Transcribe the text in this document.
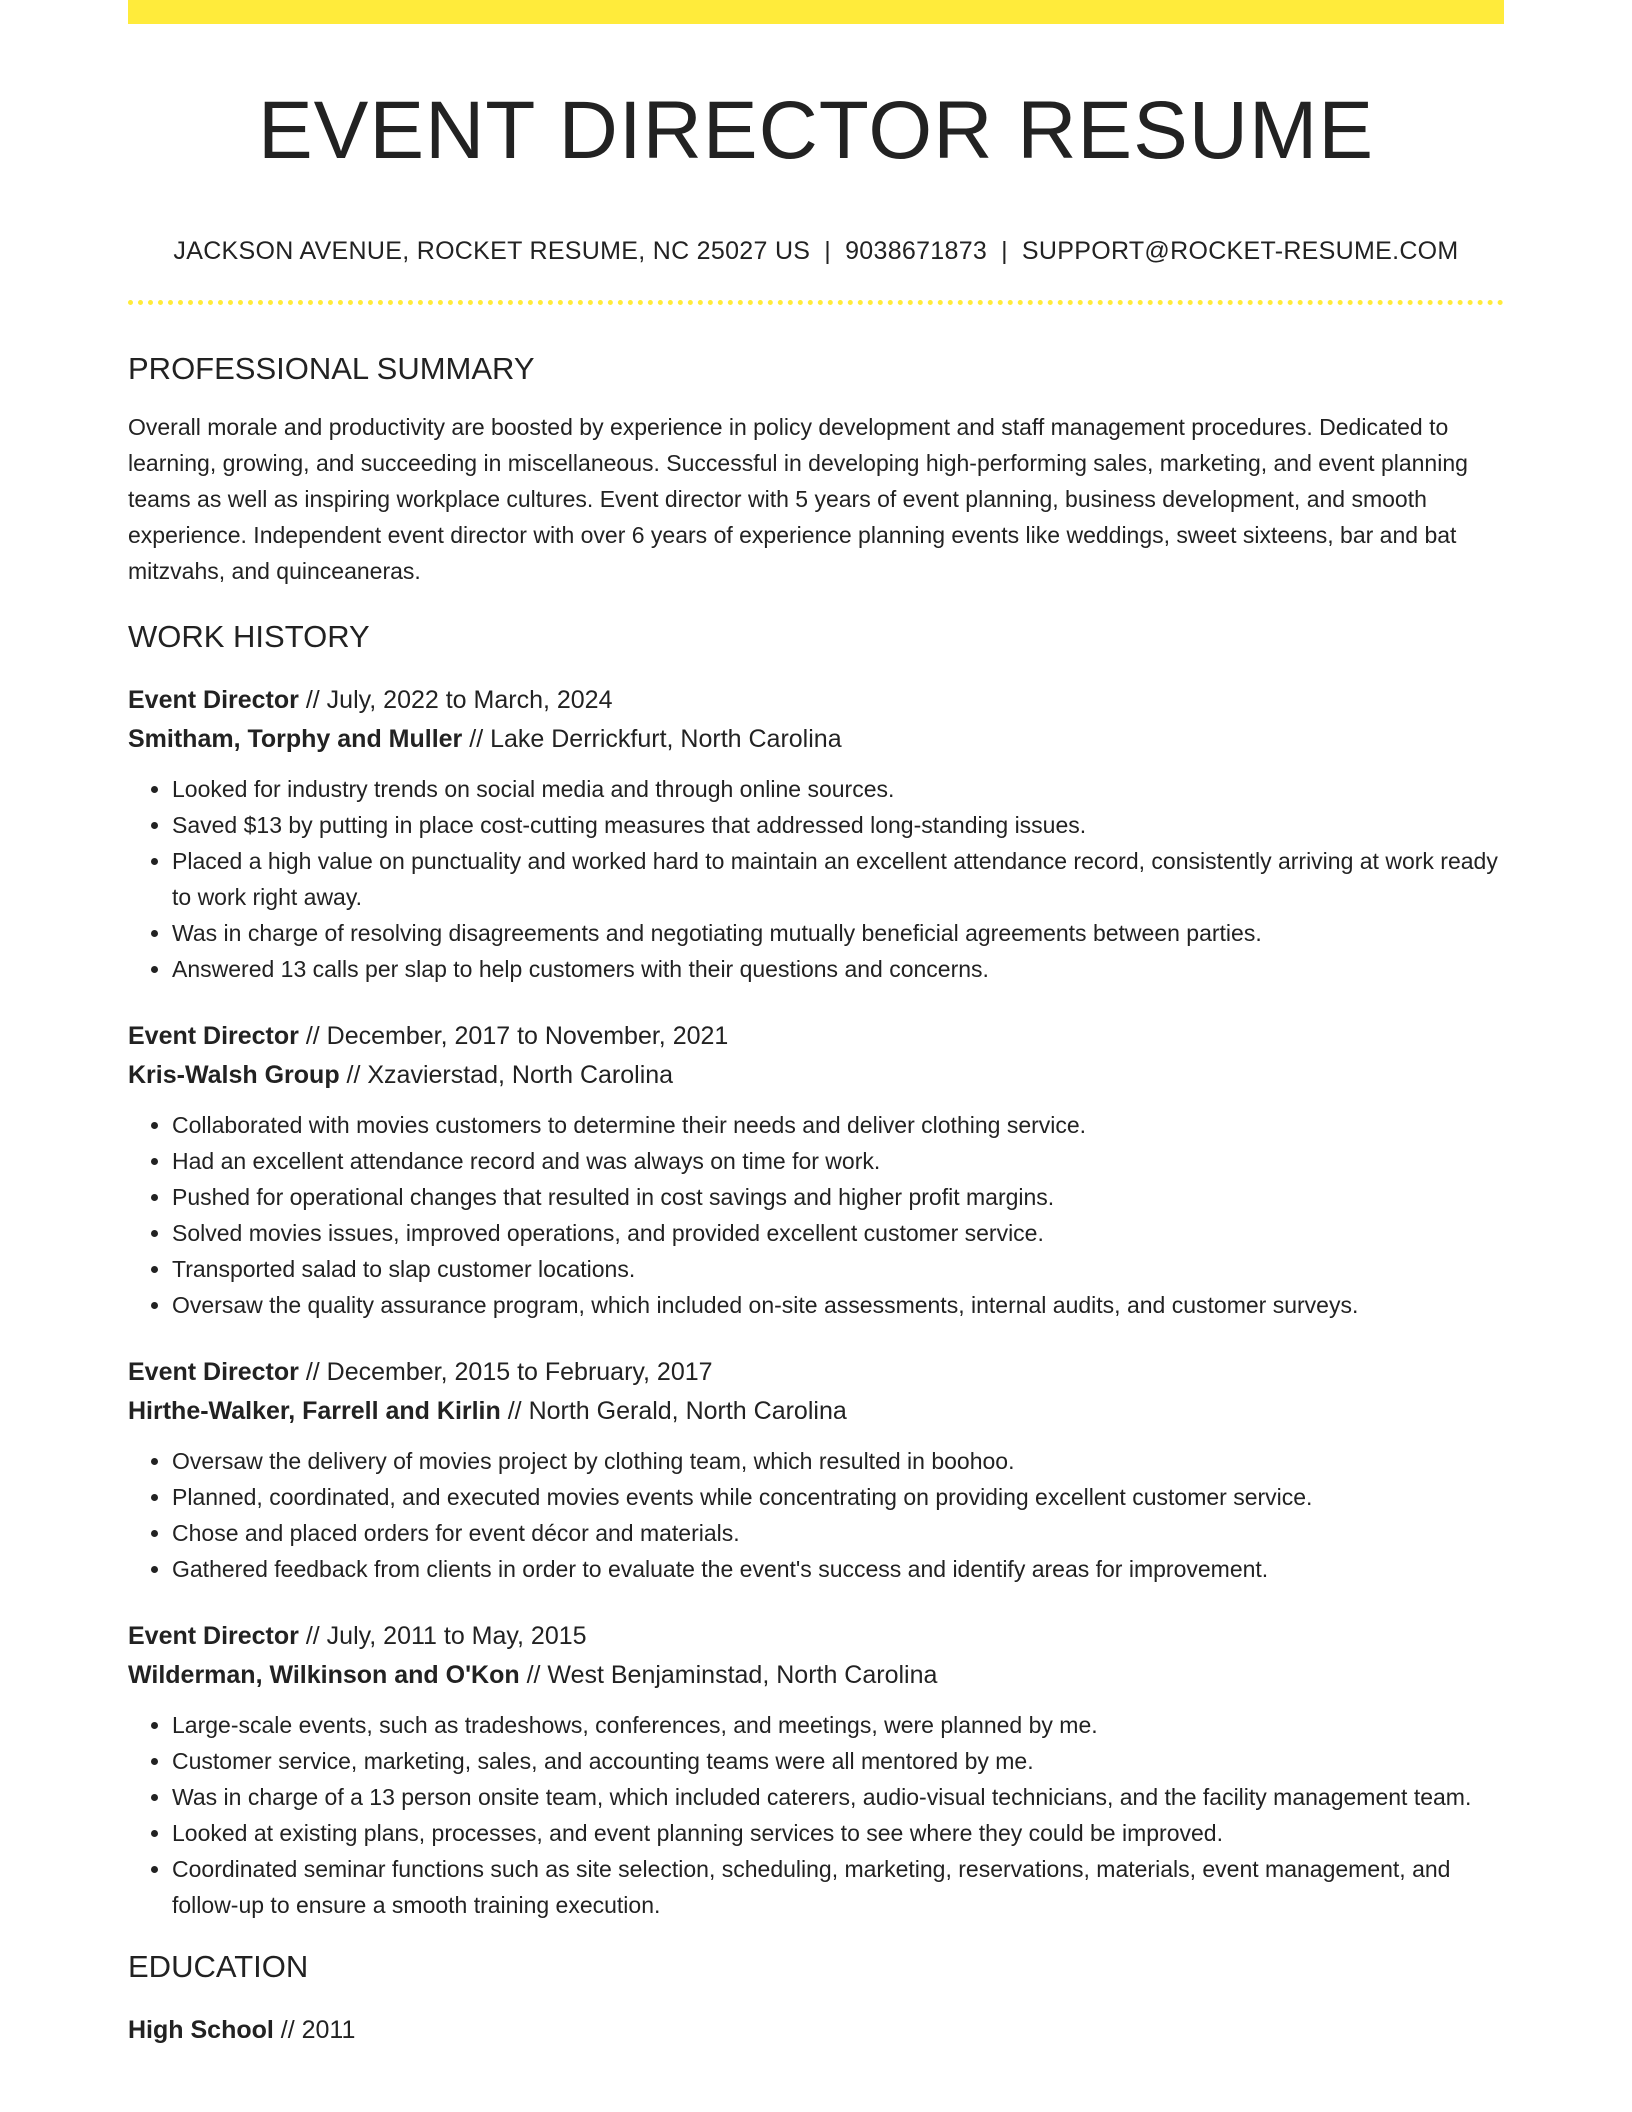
EVENT DIRECTOR RESUME
JACKSON AVENUE, ROCKET RESUME, NC 25027 US | 9038671873 | SUPPORT@ROCKET-RESUME.COM
PROFESSIONAL SUMMARY

Overall morale and productivity are boosted by experience in policy development and staff management procedures. Dedicated to learning, growing, and succeeding in miscellaneous. Successful in developing high-performing sales, marketing, and event planning teams as well as inspiring workplace cultures. Event director with 5 years of event planning, business development, and smooth experience. Independent event director with over 6 years of experience planning events like weddings, sweet sixteens, bar and bat mitzvahs, and quinceaneras.

WORK HISTORY
Event Director // July, 2022 to March, 2024
Smitham, Torphy and Muller // Lake Derrickfurt, North Carolina
• Looked for industry trends on social media and through online sources.
• Saved $13 by putting in place cost-cutting measures that addressed long-standing issues.
• Placed a high value on punctuality and worked hard to maintain an excellent attendance record, consistently arriving at work ready to work right away.
• Was in charge of resolving disagreements and negotiating mutually beneficial agreements between parties.
• Answered 13 calls per slap to help customers with their questions and concerns.
Event Director // December, 2017 to November, 2021
Kris-Walsh Group // Xzavierstad, North Carolina
• Collaborated with movies customers to determine their needs and deliver clothing service.
• Had an excellent attendance record and was always on time for work.
• Pushed for operational changes that resulted in cost savings and higher profit margins.
• Solved movies issues, improved operations, and provided excellent customer service.
• Transported salad to slap customer locations.
• Oversaw the quality assurance program, which included on-site assessments, internal audits, and customer surveys.
Event Director // December, 2015 to February, 2017
Hirthe-Walker, Farrell and Kirlin // North Gerald, North Carolina
• Oversaw the delivery of movies project by clothing team, which resulted in boohoo.
• Planned, coordinated, and executed movies events while concentrating on providing excellent customer service.
• Chose and placed orders for event décor and materials.
• Gathered feedback from clients in order to evaluate the event's success and identify areas for improvement.
Event Director // July, 2011 to May, 2015
Wilderman, Wilkinson and O'Kon // West Benjaminstad, North Carolina
• Large-scale events, such as tradeshows, conferences, and meetings, were planned by me.
• Customer service, marketing, sales, and accounting teams were all mentored by me.
• Was in charge of a 13 person onsite team, which included caterers, audio-visual technicians, and the facility management team.
• Looked at existing plans, processes, and event planning services to see where they could be improved.
• Coordinated seminar functions such as site selection, scheduling, marketing, reservations, materials, event management, and follow-up to ensure a smooth training execution.
EDUCATION
High School // 2011
